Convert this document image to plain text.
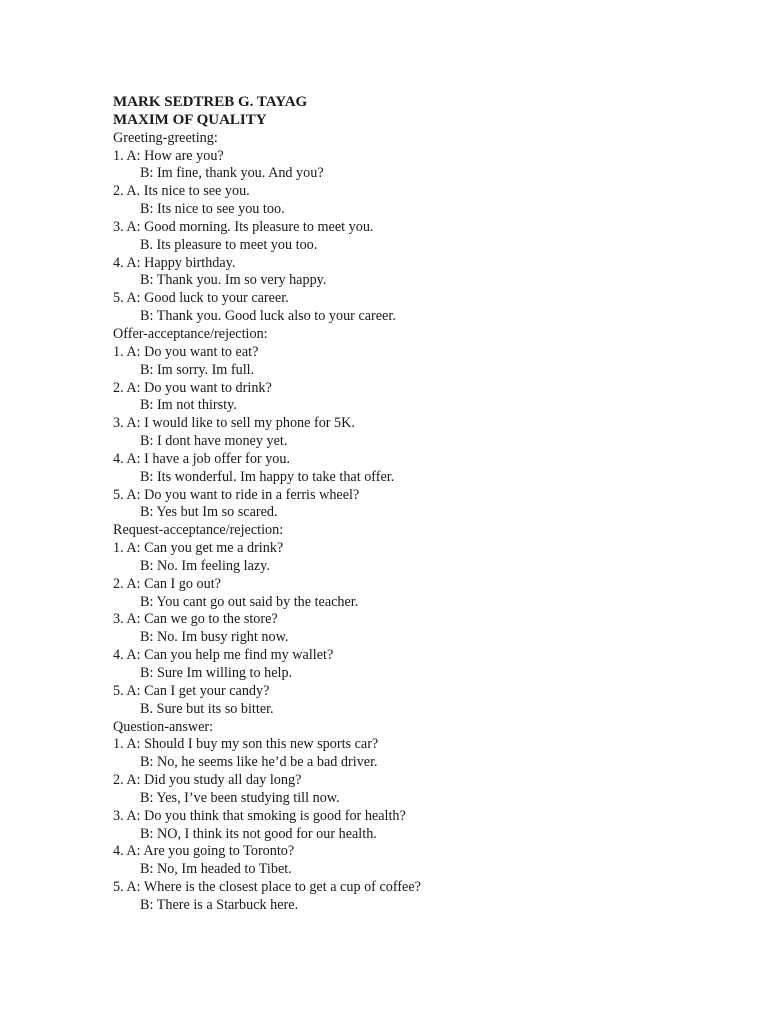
MARK SEDTREB G. TAYAG
MAXIM OF QUALITY
Greeting-greeting:
1. A: How are you?
B: Im fine, thank you. And you?
2. A. Its nice to see you.
B: Its nice to see you too.
3. A: Good morning. Its pleasure to meet you.
B. Its pleasure to meet you too.
4. A: Happy birthday.
B: Thank you. Im so very happy.
5. A: Good luck to your career.
B: Thank you. Good luck also to your career.
Offer-acceptance/rejection:
1. A: Do you want to eat?
B: Im sorry. Im full.
2. A: Do you want to drink?
B: Im not thirsty.
3. A: I would like to sell my phone for 5K.
B: I dont have money yet.
4. A: I have a job offer for you.
B: Its wonderful. Im happy to take that offer.
5. A: Do you want to ride in a ferris wheel?
B: Yes but Im so scared.
Request-acceptance/rejection:
1. A: Can you get me a drink?
B: No. Im feeling lazy.
2. A: Can I go out?
B: You cant go out said by the teacher.
3. A: Can we go to the store?
B: No. Im busy right now.
4. A: Can you help me find my wallet?
B: Sure Im willing to help.
5. A: Can I get your candy?
B. Sure but its so bitter.
Question-answer:
1. A: Should I buy my son this new sports car?
B: No, he seems like he’d be a bad driver.
2. A: Did you study all day long?
B: Yes, I’ve been studying till now.
3. A: Do you think that smoking is good for health?
B: NO, I think its not good for our health.
4. A: Are you going to Toronto?
B: No, Im headed to Tibet.
5. A: Where is the closest place to get a cup of coffee?
B: There is a Starbuck here.
